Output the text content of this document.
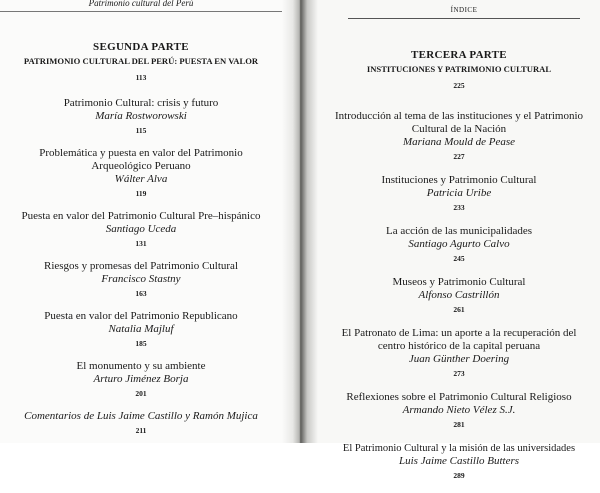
Patrimonio cultural del Perú
SEGUNDA PARTE
PATRIMONIO CULTURAL DEL PERÚ: PUESTA EN VALOR
113
Patrimonio Cultural: crisis y futuro
María Rostworowski
115
Problemática y puesta en valor del Patrimonio Arqueológico Peruano
Wálter Alva
119
Puesta en valor del Patrimonio Cultural Pre–hispánico
Santiago Uceda
131
Riesgos y promesas del Patrimonio Cultural
Francisco Stastny
163
Puesta en valor del Patrimonio Republicano
Natalia Majluf
185
El monumento y su ambiente
Arturo Jiménez Borja
201
Comentarios de Luis Jaime Castillo y Ramón Mujica
211
ÍNDICE
TERCERA PARTE
INSTITUCIONES Y PATRIMONIO CULTURAL
225
Introducción al tema de las instituciones y el Patrimonio Cultural de la Nación
Mariana Mould de Pease
227
Instituciones y Patrimonio Cultural
Patricia Uribe
233
La acción de las municipalidades
Santiago Agurto Calvo
245
Museos y Patrimonio Cultural
Alfonso Castrillón
261
El Patronato de Lima: un aporte a la recuperación del centro histórico de la capital peruana
Juan Günther Doering
273
Reflexiones sobre el Patrimonio Cultural Religioso
Armando Nieto Vélez S.J.
281
El Patrimonio Cultural y la misión de las universidades
Luis Jaime Castillo Butters
289
